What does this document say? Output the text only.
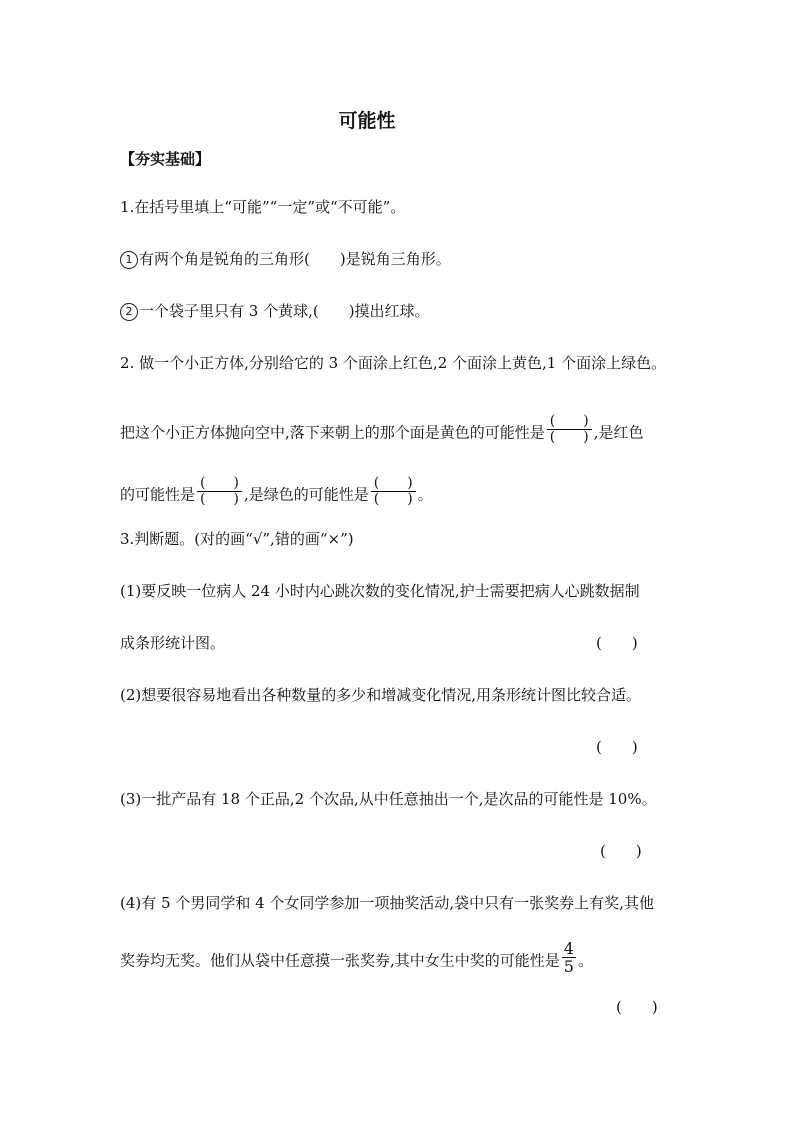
可能性
【夯实基础】
1.在括号里填上“可能”“一定”或“不可能”。
1 有两个角是锐角的三角形(　　)是锐角三角形。
2 一个袋子里只有 3 个黄球,(　　)摸出红球。
2. 做一个小正方体,分别给它的 3 个面涂上红色,2 个面涂上黄色,1 个面涂上绿色。
把这个小正方体抛向空中,落下来朝上的那个面是黄色的可能性是 $\frac{( )}{( )}$ ,是红色
的可能性是 $\frac{( )}{( )}$ ,是绿色的可能性是 $\frac{( )}{( )}$ 。
3.判断题。(对的画“√”,错的画“×”)
(1)要反映一位病人 24 小时内心跳次数的变化情况,护士需要把病人心跳数据制
成条形统计图。	(　　)
(2)想要很容易地看出各种数量的多少和增减变化情况,用条形统计图比较合适。
(　　)
(3)一批产品有 18 个正品,2 个次品,从中任意抽出一个,是次品的可能性是 10%。
(　　)
(4)有 5 个男同学和 4 个女同学参加一项抽奖活动,袋中只有一张奖券上有奖,其他
奖券均无奖。他们从袋中任意摸一张奖券,其中女生中奖的可能性是 $\frac{4}{5}$ 。
(　　)
